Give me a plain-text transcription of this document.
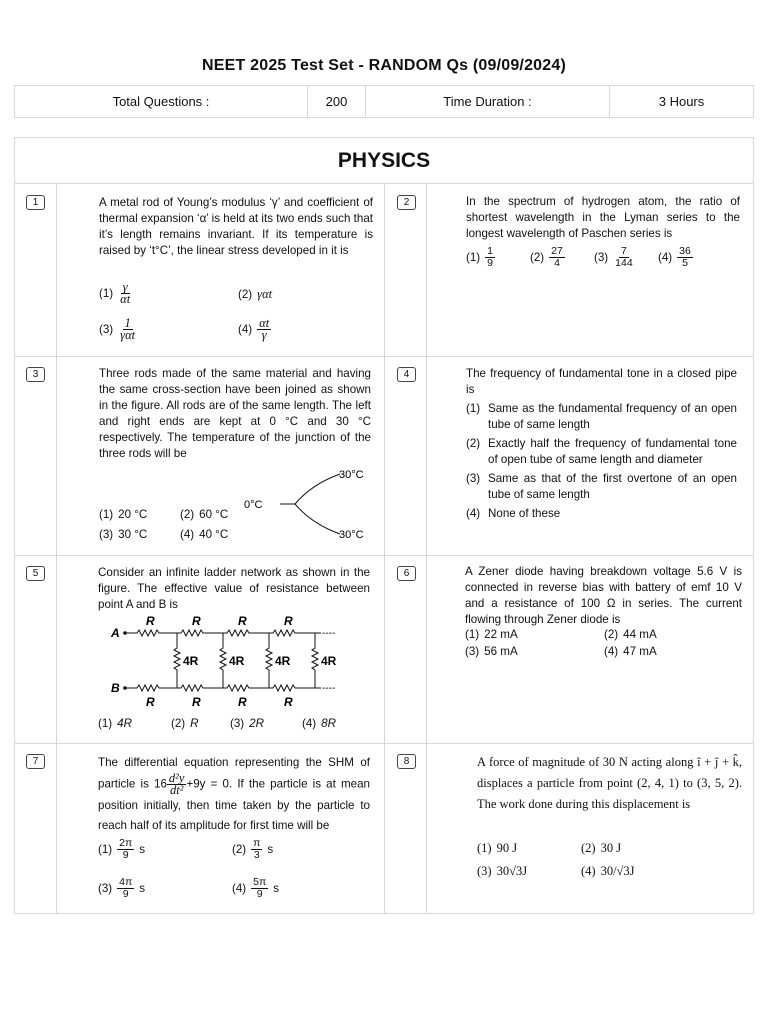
NEET 2025 Test Set - RANDOM Qs (09/09/2024)
Total Questions :	200	Time Duration :	3 Hours
PHYSICS
1	A metal rod of Young’s modulus ‘γ’ and coefficient of thermal expansion ‘α’ is held at its two ends such that it’s length remains invariant. If its temperature is raised by ‘t°C’, the linear stress developed in it is
$(1) \frac{\gamma}{\alpha t}$	(2) γαt
$(3) \frac{1}{\text{γαt}}$	$(4) \frac{\alpha t}{\gamma}$
2	In the spectrum of hydrogen atom, the ratio of shortest wavelength in the Lyman series to the longest wavelength of Paschen series is
$(1) \frac{1}{9}$	$(2) \frac{27}{4}$	$(3) \frac{7}{144} (4) \frac{36}{5}$
3	Three rods made of the same material and having the same cross-section have been joined as shown in the figure. All rods are of the same length. The left and right ends are kept at 0 °C and 30 °C respectively. The temperature of the junction of the three rods will be
0°C
30°C
30°C
(1) 20 °C	(2) 60 °C
(3) 30 °C	(4) 40 °C
4	The frequency of fundamental tone in a closed pipe is
(1) Same as the fundamental frequency of an open tube of same length
(2) Exactly half the frequency of fundamental tone of open tube of same length and diameter
(3) Same as that of the first overtone of an open tube of same length
(4) None of these
5	Consider an infinite ladder network as shown in the figure. The effective value of resistance between point A and B is
A
B
R	R	R	R
R	R	R	R
4R	4R	4R	4R
----
----
(1) 4R	(2) R	(3) 2R	(4) 8R
6	A Zener diode having breakdown voltage 5.6 V is connected in reverse bias with battery of emf 10 V and a resistance of 100 Ω in series. The current flowing through Zener diode is
(1) 22 mA	(2) 44 mA
(3) 56 mA	(4) 47 mA
7	The differential equation representing the SHM of particle is $16 \frac{\text{d²y}}{\text{dt²}} +9y = 0$. If the particle is at mean position initially, then time taken by the particle to reach half of its amplitude for first time will be
$(1) \frac{2\pi}{9}$ s	$(2) \frac{\pi}{3}$ s
$(3) \frac{4\pi}{9}$ s	$(4) \frac{5\pi}{9}$ s
8	A force of magnitude of 30 N acting along î + ĵ + k̂, displaces a particle from point (2, 4, 1) to (3, 5, 2). The work done during this displacement is
(1) 90 J	(2) 30 J
(3) 30√3J	(4) 30/√3J
